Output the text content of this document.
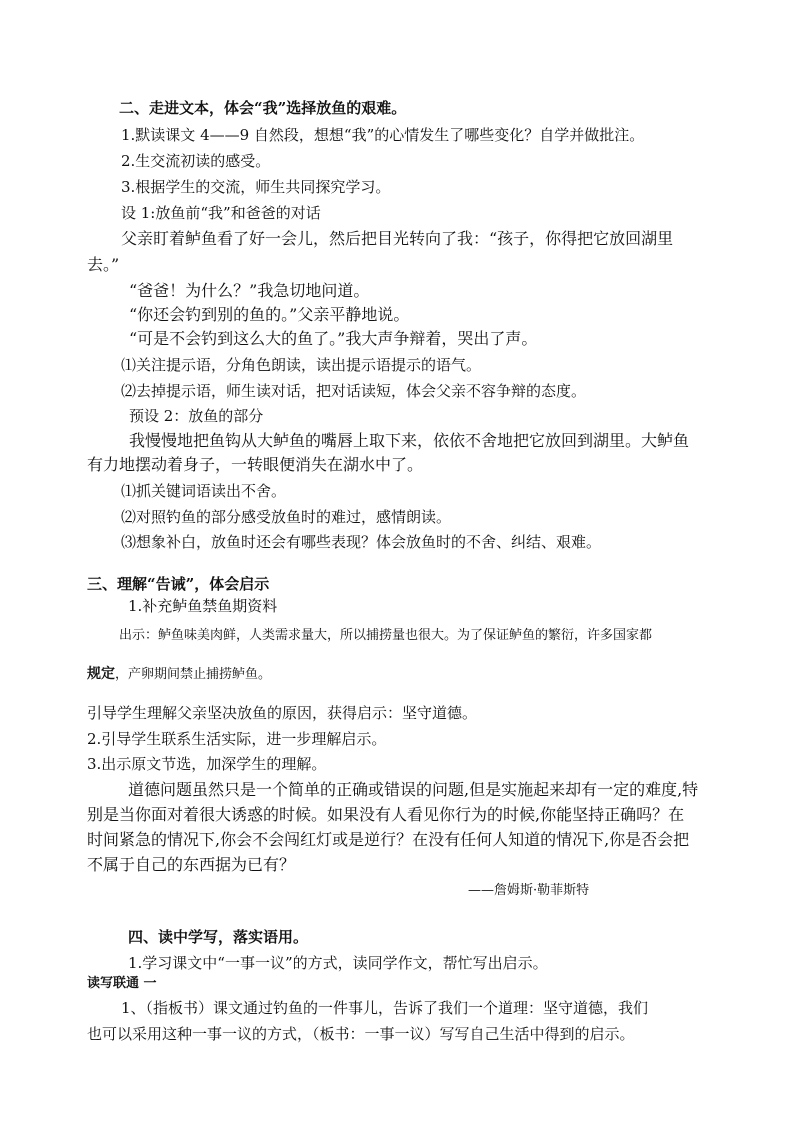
二、走进文本，体会“我”选择放鱼的艰难。
1.默读课文 4——9 自然段，想想“我”的心情发生了哪些变化？自学并做批注。
2.生交流初读的感受。
3.根据学生的交流，师生共同探究学习。
设 1:放鱼前“我”和爸爸的对话
父亲盯着鲈鱼看了好一会儿，然后把目光转向了我：“孩子，你得把它放回湖里
去。”
“爸爸！为什么？”我急切地问道。
“你还会钓到别的鱼的。”父亲平静地说。
“可是不会钓到这么大的鱼了。”我大声争辩着，哭出了声。
⑴关注提示语，分角色朗读，读出提示语提示的语气。
⑵去掉提示语，师生读对话，把对话读短，体会父亲不容争辩的态度。
预设 2：放鱼的部分
我慢慢地把鱼钩从大鲈鱼的嘴唇上取下来，依依不舍地把它放回到湖里。大鲈鱼
有力地摆动着身子，一转眼便消失在湖水中了。
⑴抓关键词语读出不舍。
⑵对照钓鱼的部分感受放鱼时的难过，感情朗读。
⑶想象补白，放鱼时还会有哪些表现？体会放鱼时的不舍、纠结、艰难。
三、理解“告诫”，体会启示
1.补充鲈鱼禁鱼期资料
出示：鲈鱼味美肉鲜，人类需求量大，所以捕捞量也很大。为了保证鲈鱼的繁衍，许多国家都
规定，产卵期间禁止捕捞鲈鱼。
引导学生理解父亲坚决放鱼的原因，获得启示：坚守道德。
2.引导学生联系生活实际，进一步理解启示。
3.出示原文节选，加深学生的理解。
道德问题虽然只是一个简单的正确或错误的问题,但是实施起来却有一定的难度,特
别是当你面对着很大诱惑的时候。如果没有人看见你行为的时候,你能坚持正确吗？在
时间紧急的情况下,你会不会闯红灯或是逆行？在没有任何人知道的情况下,你是否会把
不属于自己的东西据为已有？
——詹姆斯·勒菲斯特
四、读中学写，落实语用。
1.学习课文中“一事一议”的方式，读同学作文，帮忙写出启示。
读写联通 一
1、（指板书）课文通过钓鱼的一件事儿，告诉了我们一个道理：坚守道德，我们
也可以采用这种一事一议的方式，（板书：一事一议）写写自己生活中得到的启示。
